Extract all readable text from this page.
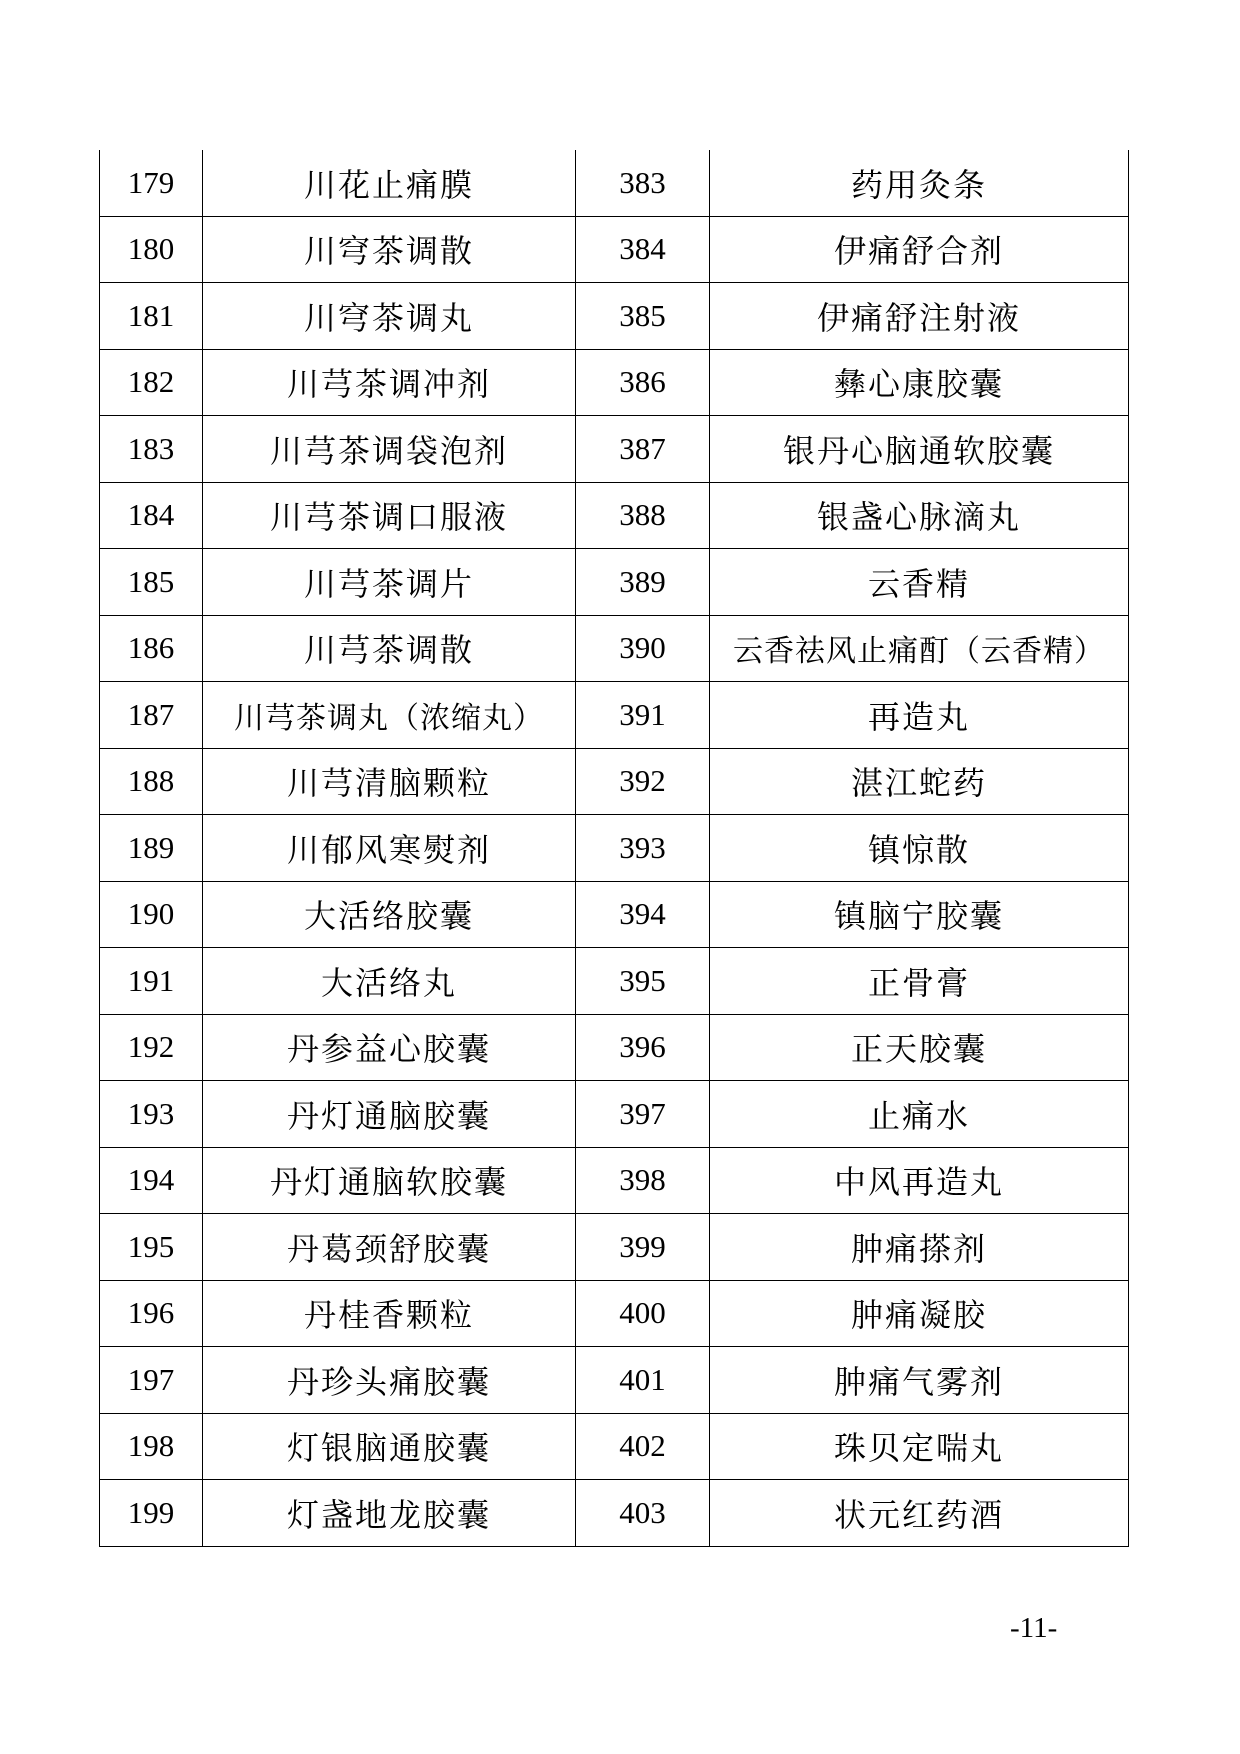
179	川花止痛膜	383	药用灸条
180	川穹茶调散	384	伊痛舒合剂
181	川穹茶调丸	385	伊痛舒注射液
182	川芎茶调冲剂	386	彝心康胶囊
183	川芎茶调袋泡剂	387	银丹心脑通软胶囊
184	川芎茶调口服液	388	银盏心脉滴丸
185	川芎茶调片	389	云香精
186	川芎茶调散	390	云香祛风止痛酊（云香精）
187	川芎茶调丸（浓缩丸）	391	再造丸
188	川芎清脑颗粒	392	湛江蛇药
189	川郁风寒熨剂	393	镇惊散
190	大活络胶囊	394	镇脑宁胶囊
191	大活络丸	395	正骨膏
192	丹参益心胶囊	396	正天胶囊
193	丹灯通脑胶囊	397	止痛水
194	丹灯通脑软胶囊	398	中风再造丸
195	丹葛颈舒胶囊	399	肿痛搽剂
196	丹桂香颗粒	400	肿痛凝胶
197	丹珍头痛胶囊	401	肿痛气雾剂
198	灯银脑通胶囊	402	珠贝定喘丸
199	灯盏地龙胶囊	403	状元红药酒
-11-
